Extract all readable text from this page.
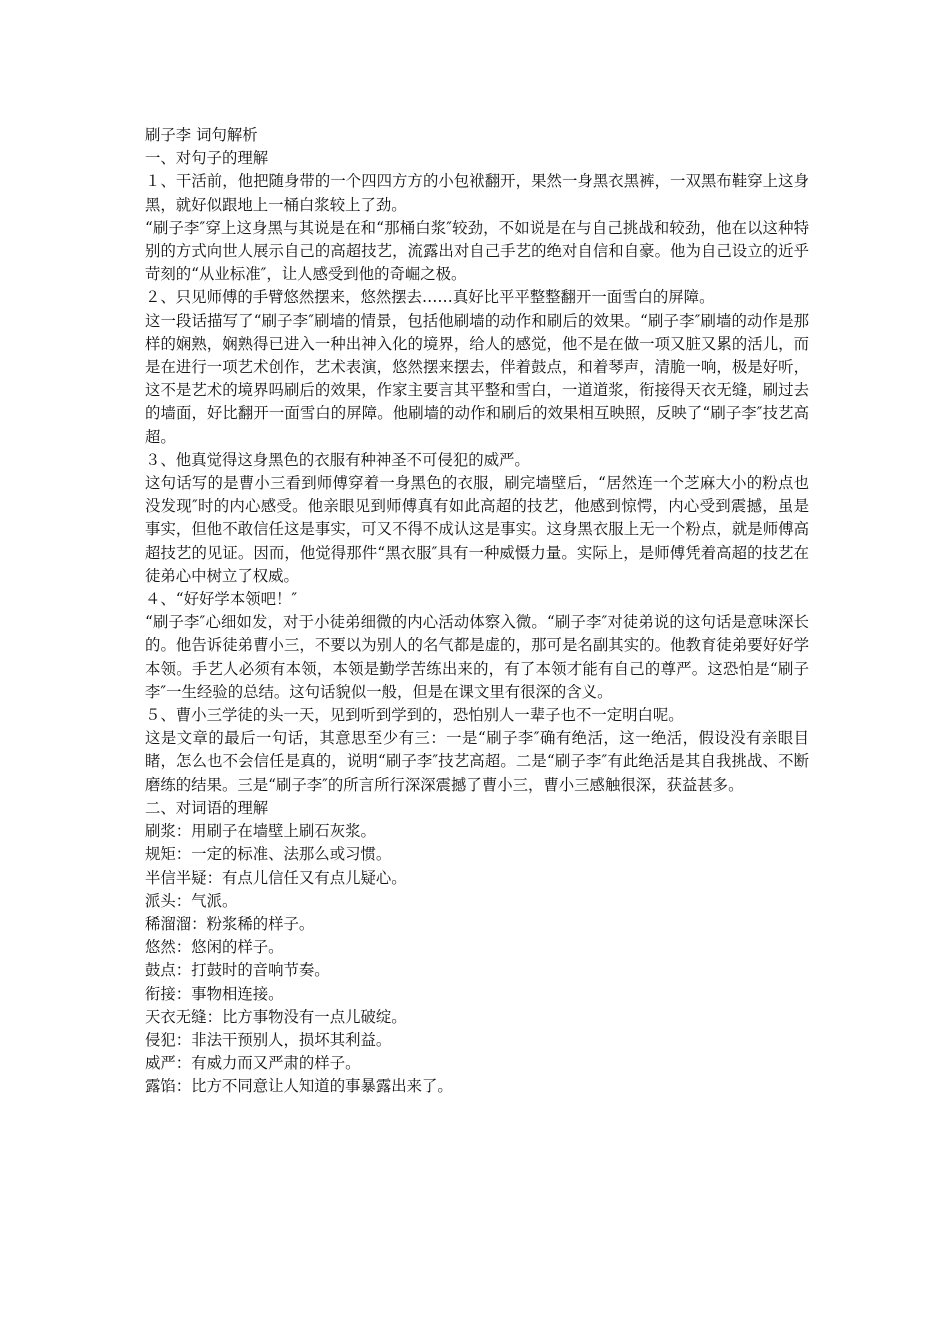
刷子李 词句解析

一、对句子的理解

１、干活前，他把随身带的一个四四方方的小包袱翻开，果然一身黑衣黑裤，一双黑布鞋穿上这身黑，就好似跟地上一桶白浆较上了劲。

“刷子李″穿上这身黑与其说是在和“那桶白浆″较劲，不如说是在与自己挑战和较劲，他在以这种特别的方式向世人展示自己的高超技艺，流露出对自己手艺的绝对自信和自豪。他为自己设立的近乎苛刻的“从业标准″，让人感受到他的奇崛之极。

２、只见师傅的手臂悠然摆来，悠然摆去……真好比平平整整翻开一面雪白的屏障。

这一段话描写了“刷子李″刷墙的情景，包括他刷墙的动作和刷后的效果。“刷子李″刷墙的动作是那样的娴熟，娴熟得已进入一种出神入化的境界，给人的感觉，他不是在做一项又脏又累的活儿，而是在进行一项艺术创作，艺术表演，悠然摆来摆去，伴着鼓点，和着琴声，清脆一响，极是好听，这不是艺术的境界吗刷后的效果，作家主要言其平整和雪白，一道道浆，衔接得天衣无缝，刷过去的墙面，好比翻开一面雪白的屏障。他刷墙的动作和刷后的效果相互映照，反映了“刷子李″技艺高超。

３、他真觉得这身黑色的衣服有种神圣不可侵犯的威严。

这句话写的是曹小三看到师傅穿着一身黑色的衣服，刷完墙壁后，“居然连一个芝麻大小的粉点也没发现″时的内心感受。他亲眼见到师傅真有如此高超的技艺，他感到惊愕，内心受到震撼，虽是事实，但他不敢信任这是事实，可又不得不成认这是事实。这身黑衣服上无一个粉点，就是师傅高超技艺的见证。因而，他觉得那件“黑衣服″具有一种威慑力量。实际上，是师傅凭着高超的技艺在徒弟心中树立了权威。

４、“好好学本领吧！″

“刷子李″心细如发，对于小徒弟细微的内心活动体察入微。“刷子李″对徒弟说的这句话是意味深长的。他告诉徒弟曹小三，不要以为别人的名气都是虚的，那可是名副其实的。他教育徒弟要好好学本领。手艺人必须有本领，本领是勤学苦练出来的，有了本领才能有自己的尊严。这恐怕是“刷子李″一生经验的总结。这句话貌似一般，但是在课文里有很深的含义。

５、曹小三学徒的头一天，见到听到学到的，恐怕别人一辈子也不一定明白呢。

这是文章的最后一句话，其意思至少有三：一是“刷子李″确有绝活，这一绝活，假设没有亲眼目睹，怎么也不会信任是真的，说明“刷子李″技艺高超。二是“刷子李″有此绝活是其自我挑战、不断磨练的结果。三是“刷子李″的所言所行深深震撼了曹小三，曹小三感触很深，获益甚多。

二、对词语的理解

刷浆：用刷子在墙壁上刷石灰浆。

规矩：一定的标准、法那么或习惯。

半信半疑：有点儿信任又有点儿疑心。

派头：气派。

稀溜溜：粉浆稀的样子。

悠然：悠闲的样子。

鼓点：打鼓时的音响节奏。

衔接：事物相连接。

天衣无缝：比方事物没有一点儿破绽。

侵犯：非法干预别人，损坏其利益。

威严：有威力而又严肃的样子。

露馅：比方不同意让人知道的事暴露出来了。
